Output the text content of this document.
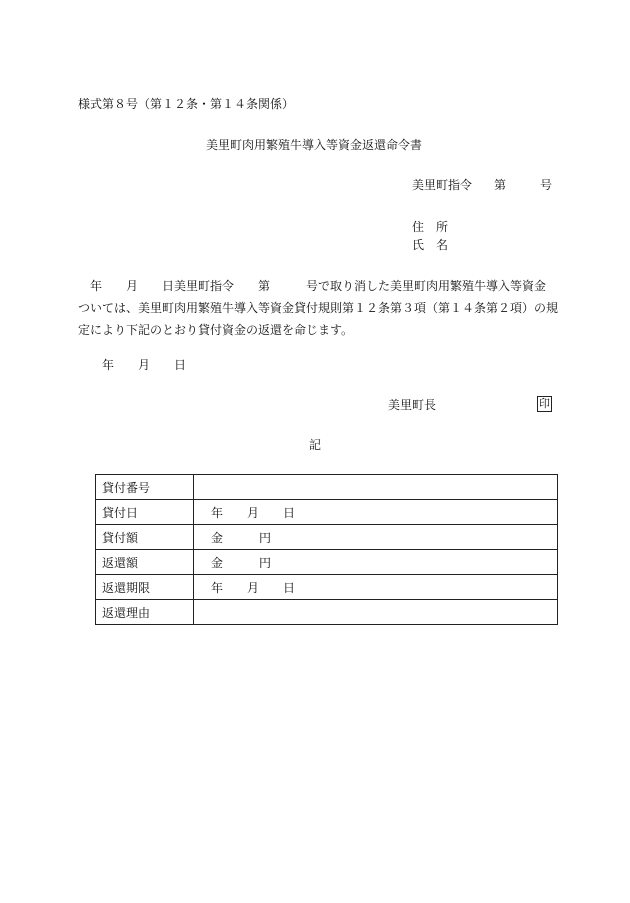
様式第８号（第１２条・第１４条関係）
美里町肉用繁殖牛導入等資金返還命令書
美里町指令 第	号
住　所
氏　名
　年　　月　　日美里町指令　　第　　　号で取り消した美里町肉用繁殖牛導入等資金
ついては、美里町肉用繁殖牛導入等資金貸付規則第１２条第３項（第１４条第２項）の規
定により下記のとおり貸付資金の返還を命じます。
年　　月　　日
美里町長	印
記
貸付番号	
貸付日	年　　月　　日
貸付額	金　　　円
返還額	金　　　円
返還期限	年　　月　　日
返還理由	
